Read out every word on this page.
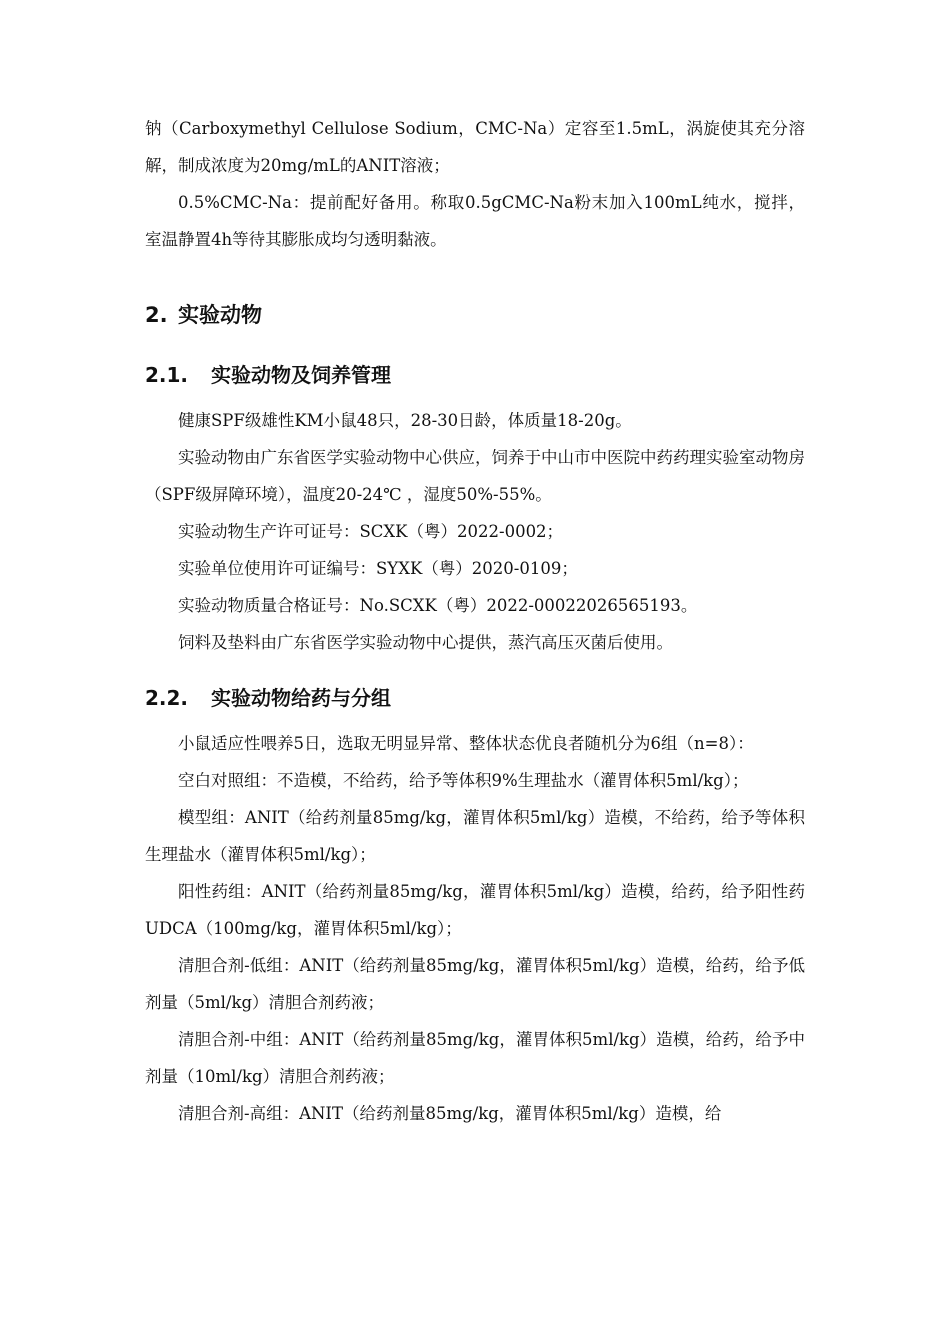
钠（Carboxymethyl Cellulose Sodium，CMC-Na）定容至1.5mL，涡旋使其充分溶解，制成浓度为20mg/mL的ANIT溶液；

0.5%CMC-Na：提前配好备用。称取0.5gCMC-Na粉末加入100mL纯水，搅拌，室温静置4h等待其膨胀成均匀透明黏液。

2. 实验动物
2.1. 实验动物及饲养管理

健康SPF级雄性KM小鼠48只，28-30日龄，体质量18-20g。

实验动物由广东省医学实验动物中心供应，饲养于中山市中医院中药药理实验室动物房（SPF级屏障环境），温度20-24℃ ，湿度50%-55%。

实验动物生产许可证号：SCXK（粤）2022-0002；

实验单位使用许可证编号：SYXK（粤）2020-0109；

实验动物质量合格证号：No.SCXK（粤）2022-00022026565193。

饲料及垫料由广东省医学实验动物中心提供，蒸汽高压灭菌后使用。

2.2. 实验动物给药与分组

小鼠适应性喂养5日，选取无明显异常、整体状态优良者随机分为6组（n=8）：

空白对照组：不造模，不给药，给予等体积9%生理盐水（灌胃体积5ml/kg）；

模型组：ANIT（给药剂量85mg/kg，灌胃体积5ml/kg）造模，不给药，给予等体积生理盐水（灌胃体积5ml/kg）；

阳性药组：ANIT（给药剂量85mg/kg，灌胃体积5ml/kg）造模，给药，给予阳性药UDCA（100mg/kg，灌胃体积5ml/kg）；

清胆合剂-低组：ANIT（给药剂量85mg/kg，灌胃体积5ml/kg）造模，给药，给予低剂量（5ml/kg）清胆合剂药液；

清胆合剂-中组：ANIT（给药剂量85mg/kg，灌胃体积5ml/kg）造模，给药，给予中剂量（10ml/kg）清胆合剂药液；

清胆合剂-高组：ANIT（给药剂量85mg/kg，灌胃体积5ml/kg）造模，给
